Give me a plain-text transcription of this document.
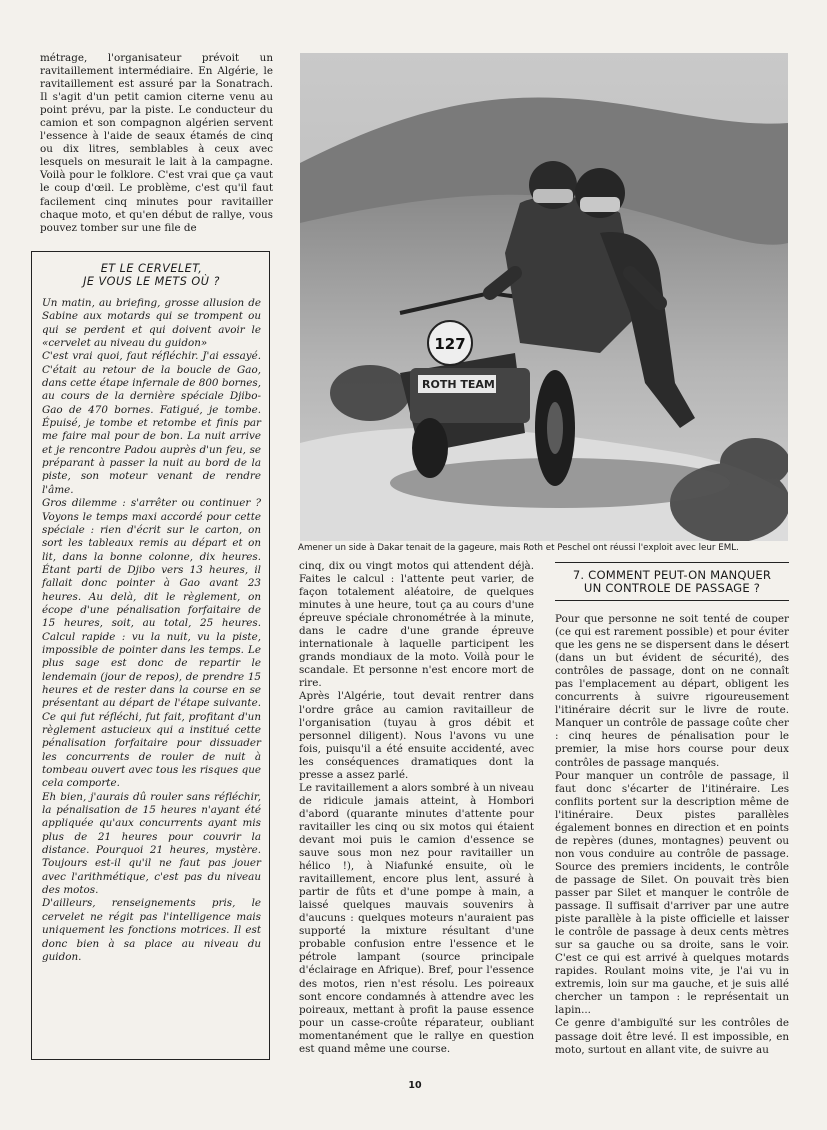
métrage, l'organisateur prévoit un ravitaillement intermédiaire. En Algérie, le ravitaillement est assuré par la Sonatrach. Il s'agit d'un petit camion citerne venu au point prévu, par la piste. Le conducteur du camion et son compagnon algérien servent l'essence à l'aide de seaux étamés de cinq ou dix litres, semblables à ceux avec lesquels on mesurait le lait à la campagne. Voilà pour le folklore. C'est vrai que ça vaut le coup d'œil. Le problème, c'est qu'il faut facilement cinq minutes pour ravitailler chaque moto, et qu'en début de rallye, vous pouvez tomber sur une file de

ET LE CERVELET,
JE VOUS LE METS OÙ ?

Un matin, au briefing, grosse allusion de Sabine aux motards qui se trompent ou qui se perdent et qui doivent avoir le «cervelet au niveau du guidon»

C'est vrai quoi, faut réfléchir. J'ai essayé. C'était au retour de la boucle de Gao, dans cette étape infernale de 800 bornes, au cours de la dernière spéciale Djibo-Gao de 470 bornes. Fatigué, je tombe. Épuisé, je tombe et retombe et finis par me faire mal pour de bon. La nuit arrive et je rencontre Padou auprès d'un feu, se préparant à passer la nuit au bord de la piste, son moteur venant de rendre l'âme.

Gros dilemme : s'arrêter ou continuer ? Voyons le temps maxi accordé pour cette spéciale : rien d'écrit sur le carton, on sort les tableaux remis au départ et on lit, dans la bonne colonne, dix heures. Étant parti de Djibo vers 13 heures, il fallait donc pointer à Gao avant 23 heures. Au delà, dit le règlement, on écope d'une pénalisation forfaitaire de 15 heures, soit, au total, 25 heures. Calcul rapide : vu la nuit, vu la piste, impossible de pointer dans les temps. Le plus sage est donc de repartir le lendemain (jour de repos), de prendre 15 heures et de rester dans la course en se présentant au départ de l'étape suivante. Ce qui fut réfléchi, fut fait, profitant d'un règlement astucieux qui a institué cette pénalisation forfaitaire pour dissuader les concurrents de rouler de nuit à tombeau ouvert avec tous les risques que cela comporte.

Eh bien, j'aurais dû rouler sans réfléchir, la pénalisation de 15 heures n'ayant été appliquée qu'aux concurrents ayant mis plus de 21 heures pour couvrir la distance. Pourquoi 21 heures, mystère. Toujours est-il qu'il ne faut pas jouer avec l'arithmétique, c'est pas du niveau des motos.

D'ailleurs, renseignements pris, le cervelet ne régit pas l'intelligence mais uniquement les fonctions motrices. Il est donc bien à sa place au niveau du guidon.

ROTH TEAM
127
Amener un side à Dakar tenait de la gageure, mais Roth et Peschel ont réussi l'exploit avec leur EML.

cinq, dix ou vingt motos qui attendent déjà. Faites le calcul : l'attente peut varier, de façon totalement aléatoire, de quelques minutes à une heure, tout ça au cours d'une épreuve spéciale chronométrée à la minute, dans le cadre d'une grande épreuve internationale à laquelle participent les grands mondiaux de la moto. Voilà pour le scandale. Et personne n'est encore mort de rire.

Après l'Algérie, tout devait rentrer dans l'ordre grâce au camion ravitailleur de l'organisation (tuyau à gros débit et personnel diligent). Nous l'avons vu une fois, puisqu'il a été ensuite accidenté, avec les conséquences dramatiques dont la presse a assez parlé.

Le ravitaillement a alors sombré à un niveau de ridicule jamais atteint, à Hombori d'abord (quarante minutes d'attente pour ravitailler les cinq ou six motos qui étaient devant moi puis le camion d'essence se sauve sous mon nez pour ravitailler un hélico !), à Niafunké ensuite, où le ravitaillement, encore plus lent, assuré à partir de fûts et d'une pompe à main, a laissé quelques mauvais souvenirs à d'aucuns : quelques moteurs n'auraient pas supporté la mixture résultant d'une probable confusion entre l'essence et le pétrole lampant (source principale d'éclairage en Afrique). Bref, pour l'essence des motos, rien n'est résolu. Les poireaux sont encore condamnés à attendre avec les poireaux, mettant à profit la pause essence pour un casse-croûte réparateur, oubliant momentanément que le rallye en question est quand même une course.

7. COMMENT PEUT-ON MANQUER
UN CONTROLE DE PASSAGE ?

Pour que personne ne soit tenté de couper (ce qui est rarement possible) et pour éviter que les gens ne se dispersent dans le désert (dans un but évident de sécurité), des contrôles de passage, dont on ne connaît pas l'emplacement au départ, obligent les concurrents à suivre rigoureusement l'itinéraire décrit sur le livre de route. Manquer un contrôle de passage coûte cher : cinq heures de pénalisation pour le premier, la mise hors course pour deux contrôles de passage manqués.

Pour manquer un contrôle de passage, il faut donc s'écarter de l'itinéraire. Les conflits portent sur la description même de l'itinéraire. Deux pistes parallèles également bonnes en direction et en points de repères (dunes, montagnes) peuvent ou non vous conduire au contrôle de passage. Source des premiers incidents, le contrôle de passage de Silet. On pouvait très bien passer par Silet et manquer le contrôle de passage. Il suffisait d'arriver par une autre piste parallèle à la piste officielle et laisser le contrôle de passage à deux cents mètres sur sa gauche ou sa droite, sans le voir. C'est ce qui est arrivé à quelques motards rapides. Roulant moins vite, je l'ai vu in extremis, loin sur ma gauche, et je suis allé chercher un tampon : le représentait un lapin...

Ce genre d'ambiguïté sur les contrôles de passage doit être levé. Il est impossible, en moto, surtout en allant vite, de suivre au

10
